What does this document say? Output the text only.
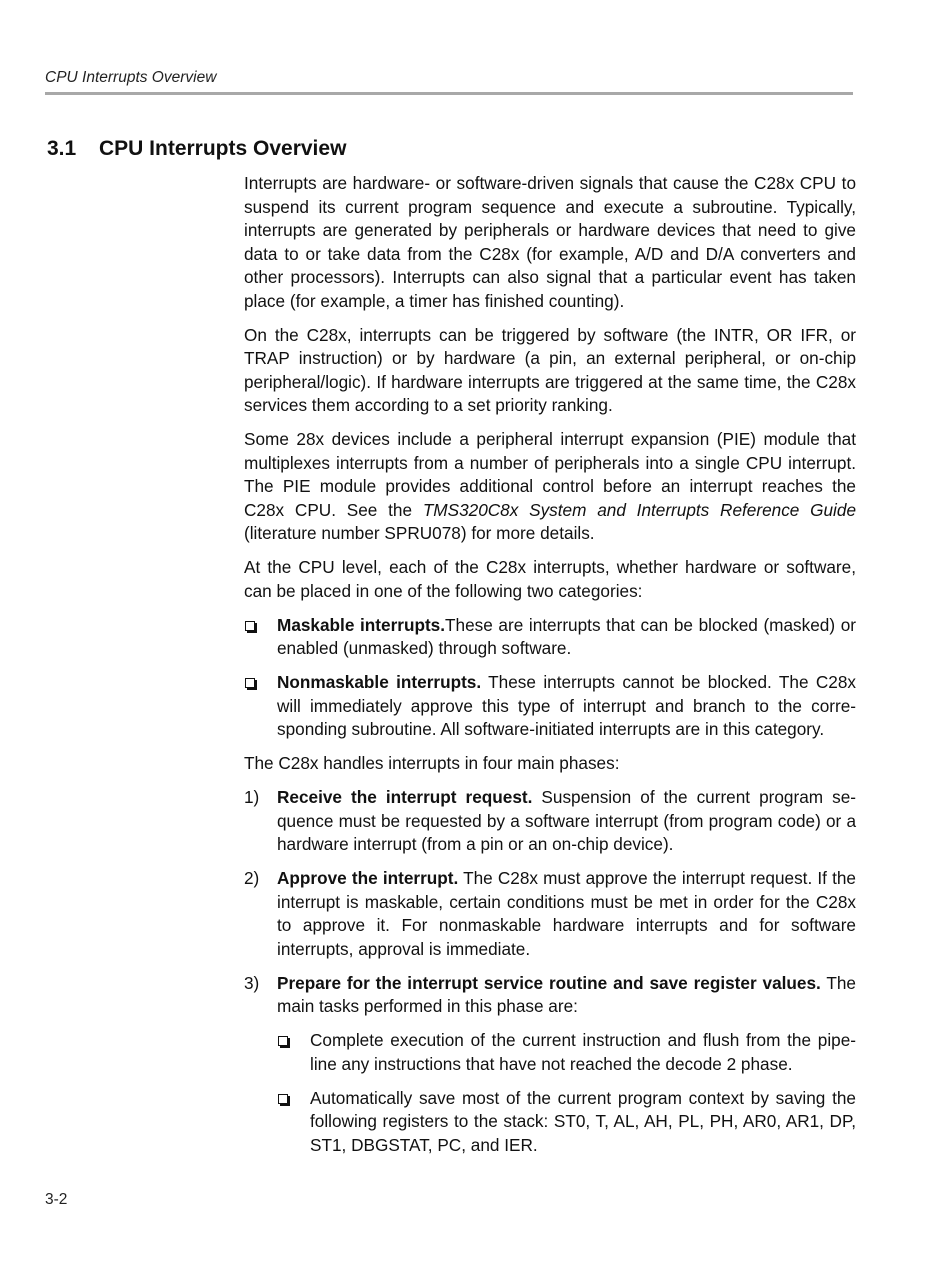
CPU Interrupts Overview
3.1 CPU Interrupts Overview

Interrupts are hardware- or software-driven signals that cause the C28x CPU to suspend its current program sequence and execute a subroutine. Typically, interrupts are generated by peripherals or hardware devices that need to give data to or take data from the C28x (for example, A/D and D/A converters and other processors). Interrupts can also signal that a particular event has taken place (for example, a timer has finished counting).

On the C28x, interrupts can be triggered by software (the INTR, OR IFR, or TRAP instruction) or by hardware (a pin, an external peripheral, or on-chip peripheral/logic). If hardware interrupts are triggered at the same time, the C28x services them according to a set priority ranking.

Some 28x devices include a peripheral interrupt expansion (PIE) module that multiplexes interrupts from a number of peripherals into a single CPU interrupt. The PIE module provides additional control before an interrupt reaches the C28x CPU. See the TMS320C8x System and Interrupts Reference Guide (literature number SPRU078) for more details.

At the CPU level, each of the C28x interrupts, whether hardware or software, can be placed in one of the following two categories:

Maskable interrupts.These are interrupts that can be blocked (masked) or enabled (unmasked) through software.
Nonmaskable interrupts. These interrupts cannot be blocked. The C28x will immediately approve this type of interrupt and branch to the corre-sponding subroutine. All software-initiated interrupts are in this category.

The C28x handles interrupts in four main phases:

1)	Receive the interrupt request. Suspension of the current program se-quence must be requested by a software interrupt (from program code) or a hardware interrupt (from a pin or an on-chip device).
2)	Approve the interrupt. The C28x must approve the interrupt request. If the interrupt is maskable, certain conditions must be met in order for the C28x to approve it. For nonmaskable hardware interrupts and for software interrupts, approval is immediate.
3)	Prepare for the interrupt service routine and save register values. The main tasks performed in this phase are:
Complete execution of the current instruction and flush from the pipe-line any instructions that have not reached the decode 2 phase.
Automatically save most of the current program context by saving the following registers to the stack: ST0, T, AL, AH, PL, PH, AR0, AR1, DP, ST1, DBGSTAT, PC, and IER.
3-2
